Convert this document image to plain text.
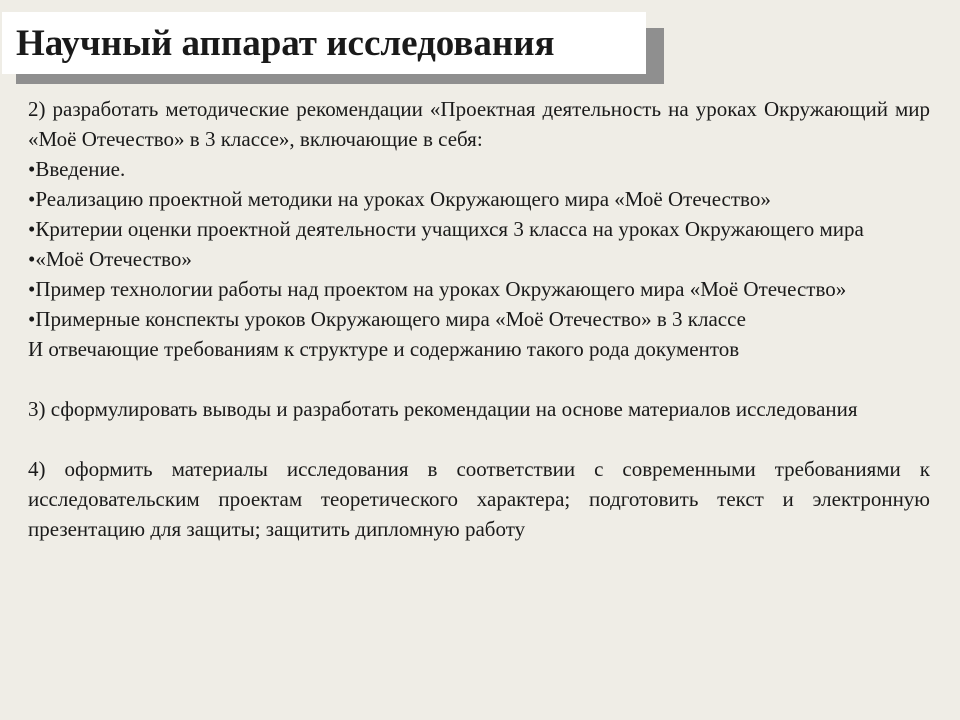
Научный аппарат исследования

2) разработать методические рекомендации «Проектная деятельность на уроках Окружающий мир «Моё Отечество» в 3 классе», включающие в себя:

•Введение.

•Реализацию проектной методики на уроках Окружающего мира «Моё Отечество»

•Критерии оценки проектной деятельности учащихся 3 класса на уроках Окружающего мира

•«Моё Отечество»

•Пример технологии работы над проектом на уроках Окружающего мира «Моё Отечество»

•Примерные конспекты уроков Окружающего мира «Моё Отечество» в 3 классе

И отвечающие требованиям к структуре и содержанию такого рода документов

3) сформулировать выводы и разработать рекомендации на основе материалов исследования

4) оформить материалы исследования в соответствии с современными требованиями к исследовательским проектам теоретического характера; подготовить текст и электронную презентацию для защиты; защитить дипломную работу
